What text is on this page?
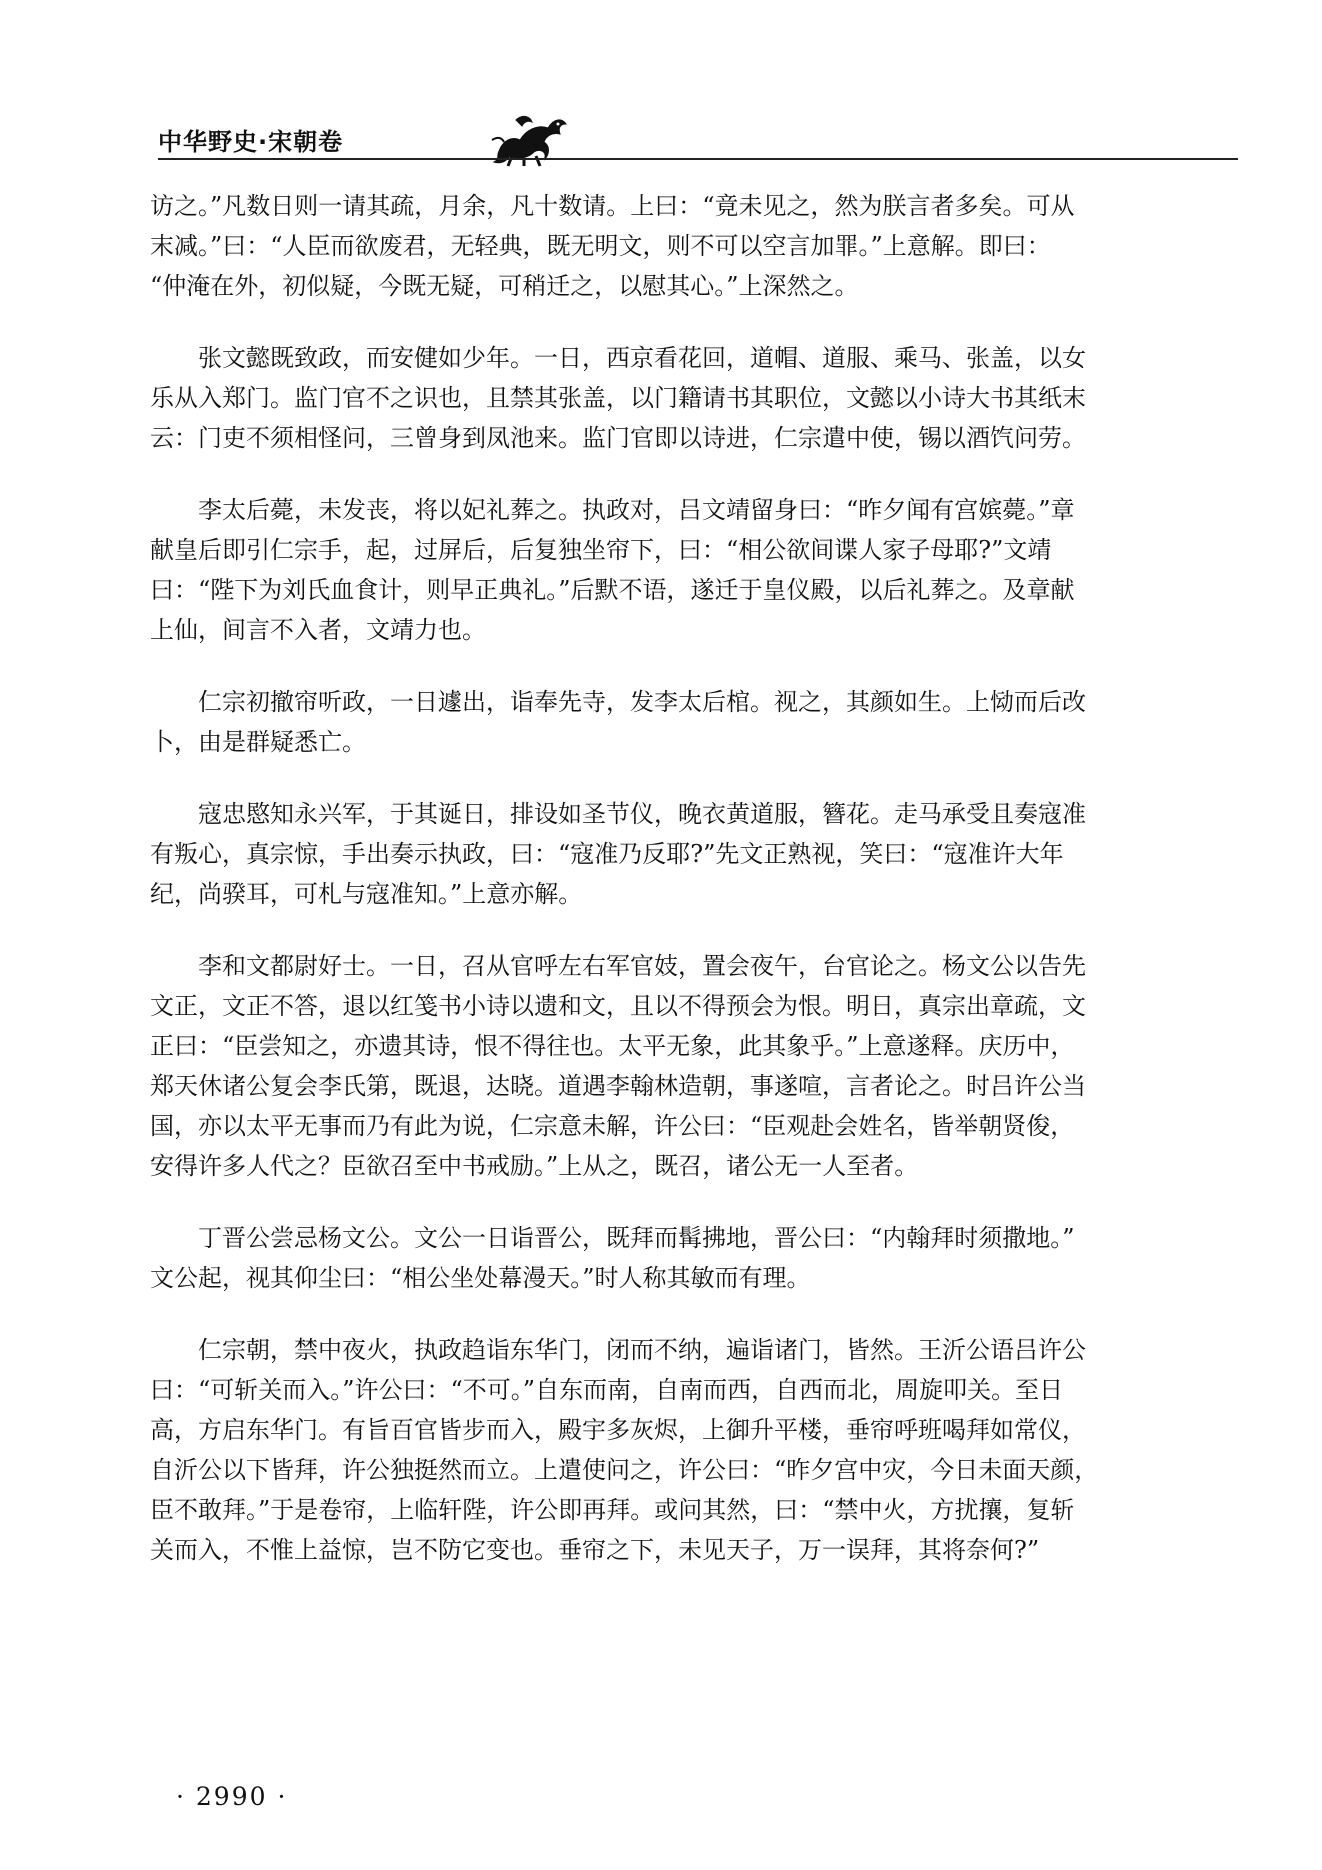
中华野史·宋朝卷

访之。”凡数日则一请其疏，月余，凡十数请。上曰：“竟未见之，然为朕言者多矣。可从
末减。”曰：“人臣而欲废君，无轻典，既无明文，则不可以空言加罪。”上意解。即曰：
“仲淹在外，初似疑，今既无疑，可稍迁之，以慰其心。”上深然之。

　　张文懿既致政，而安健如少年。一日，西京看花回，道帽、道服、乘马、张盖，以女
乐从入郑门。监门官不之识也，且禁其张盖，以门籍请书其职位，文懿以小诗大书其纸末
云：门吏不须相怪问，三曾身到凤池来。监门官即以诗进，仁宗遣中使，锡以酒饩问劳。

　　李太后薨，未发丧，将以妃礼葬之。执政对，吕文靖留身曰：“昨夕闻有宫嫔薨。”章
献皇后即引仁宗手，起，过屏后，后复独坐帘下，曰：“相公欲间谍人家子母耶?”文靖
曰：“陛下为刘氏血食计，则早正典礼。”后默不语，遂迁于皇仪殿，以后礼葬之。及章献
上仙，间言不入者，文靖力也。

　　仁宗初撤帘听政，一日遽出，诣奉先寺，发李太后棺。视之，其颜如生。上恸而后改
卜，由是群疑悉亡。

　　寇忠愍知永兴军，于其诞日，排设如圣节仪，晚衣黄道服，簪花。走马承受且奏寇准
有叛心，真宗惊，手出奏示执政，曰：“寇准乃反耶?”先文正熟视，笑曰：“寇准许大年
纪，尚骙耳，可札与寇准知。”上意亦解。

　　李和文都尉好士。一日，召从官呼左右军官妓，置会夜午，台官论之。杨文公以告先
文正，文正不答，退以红笺书小诗以遗和文，且以不得预会为恨。明日，真宗出章疏，文
正曰：“臣尝知之，亦遗其诗，恨不得往也。太平无象，此其象乎。”上意遂释。庆历中，
郑天休诸公复会李氏第，既退，达晓。道遇李翰林造朝，事遂喧，言者论之。时吕许公当
国，亦以太平无事而乃有此为说，仁宗意未解，许公曰：“臣观赴会姓名，皆举朝贤俊，
安得许多人代之？臣欲召至中书戒励。”上从之，既召，诸公无一人至者。

　　丁晋公尝忌杨文公。文公一日诣晋公，既拜而髯拂地，晋公曰：“内翰拜时须撒地。”
文公起，视其仰尘曰：“相公坐处幕漫天。”时人称其敏而有理。

　　仁宗朝，禁中夜火，执政趋诣东华门，闭而不纳，遍诣诸门，皆然。王沂公语吕许公
曰：“可斩关而入。”许公曰：“不可。”自东而南，自南而西，自西而北，周旋叩关。至日
高，方启东华门。有旨百官皆步而入，殿宇多灰烬，上御升平楼，垂帘呼班喝拜如常仪，
自沂公以下皆拜，许公独挺然而立。上遣使问之，许公曰：“昨夕宫中灾，今日未面天颜，
臣不敢拜。”于是卷帘，上临轩陛，许公即再拜。或问其然，曰：“禁中火，方扰攘，复斩
关而入，不惟上益惊，岂不防它变也。垂帘之下，未见天子，万一误拜，其将奈何?”

· 2990 ·
